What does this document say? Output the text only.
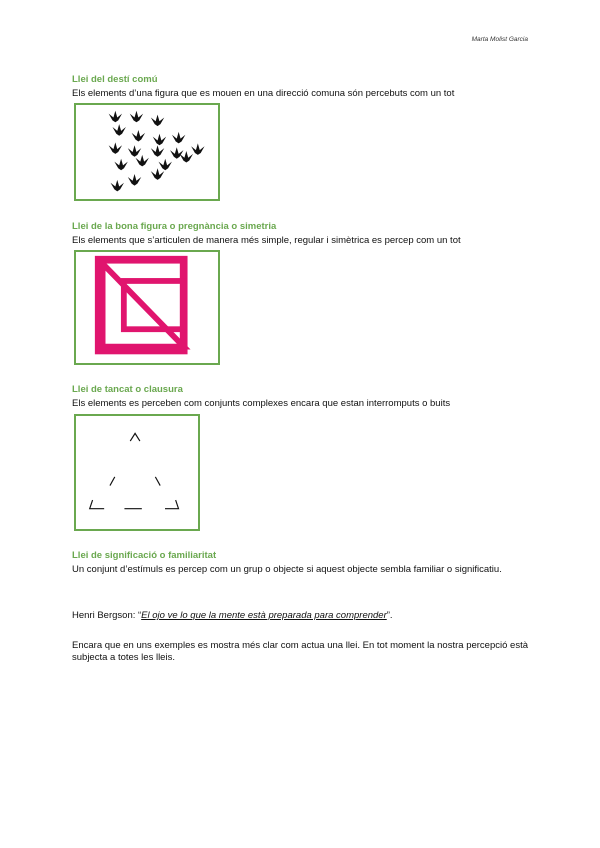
Marta Molist Garcia
Llei del destí comú
Els elements d’una figura que es mouen en una direcció comuna són percebuts com un tot
Llei de la bona figura o pregnància o simetria
Els elements que s’articulen de manera més simple, regular i simètrica es percep com un tot
Llei de tancat o clausura
Els elements es perceben com conjunts complexes encara que estan interromputs o buits
Llei de significació o familiaritat
Un conjunt d’estímuls es percep com un grup o objecte si aquest objecte sembla familiar o significatiu.
Henri Bergson: “El ojo ve lo que la mente està preparada para comprender”.
Encara que en uns exemples es mostra més clar com actua una llei. En tot moment la nostra percepció està subjecta a totes les lleis.
